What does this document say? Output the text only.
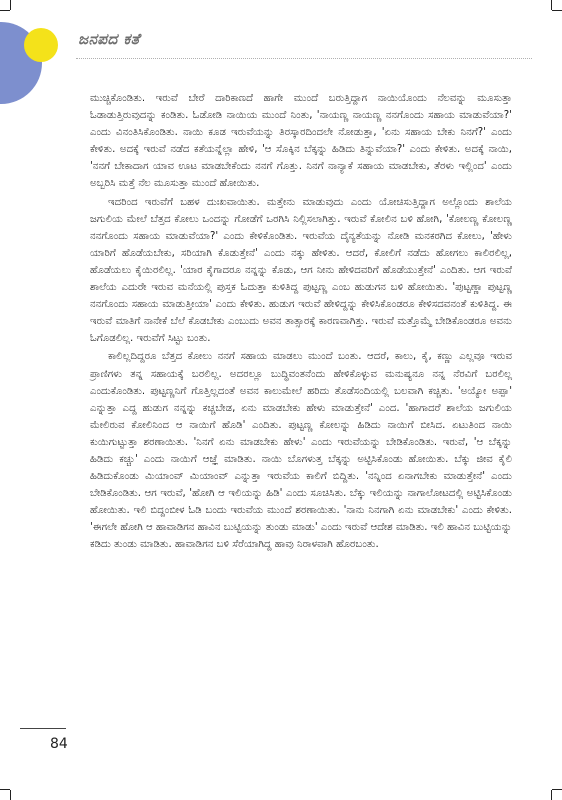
ಜನಪದ ಕತೆ

ಮುಚ್ಚಿಕೊಂಡಿತು. ಇರುವೆ ಬೇರೆ ದಾರಿಕಾಣದೆ ಹಾಗೇ ಮುಂದೆ ಬರುತ್ತಿದ್ದಾಗ ನಾಯಿಯೊಂದು ನೆಲವನ್ನು ಮೂಸುತ್ತಾ ಓಡಾಡುತ್ತಿರುವುದನ್ನು ಕಂಡಿತು. ಓಡೋಡಿ ನಾಯಿಯ ಮುಂದೆ ನಿಂತು, 'ನಾಯಣ್ಣ ನಾಯಣ್ಣ ನನಗೊಂದು ಸಹಾಯ ಮಾಡುವೆಯಾ?' ಎಂದು ವಿನಂತಿಸಿಕೊಂಡಿತು. ನಾಯಿ ಕೂಡ ಇರುವೆಯನ್ನು ತಿರಸ್ಕಾರದಿಂದಲೇ ನೋಡುತ್ತಾ, 'ಏನು ಸಹಾಯ ಬೇಕು ನಿನಗೆ?' ಎಂದು ಕೇಳಿತು. ಅದಕ್ಕೆ ಇರುವೆ ನಡೆದ ಕತೆಯನ್ನೆಲ್ಲಾ ಹೇಳಿ, 'ಆ ಸೊಕ್ಕಿನ ಬೆಕ್ಕನ್ನು ಹಿಡಿದು ತಿನ್ನುವೆಯಾ?' ಎಂದು ಕೇಳಿತು. ಅದಕ್ಕೆ ನಾಯಿ, 'ನನಗೆ ಬೇಕಾದಾಗ ಯಾವ ಊಟ ಮಾಡಬೇಕೆಂದು ನನಗೆ ಗೊತ್ತು. ನಿನಗೆ ನಾನ್ಯಾಕೆ ಸಹಾಯ ಮಾಡಬೇಕು, ತೆರಳು ಇಲ್ಲಿಂದ' ಎಂದು ಅಬ್ಬರಿಸಿ ಮತ್ತೆ ನೆಲ ಮೂಸುತ್ತಾ ಮುಂದೆ ಹೋಯಿತು.

ಇದರಿಂದ ಇರುವೆಗೆ ಬಹಳ ದುಃಖವಾಯಿತು. ಮತ್ತೇನು ಮಾಡುವುದು ಎಂದು ಯೋಚಿಸುತ್ತಿದ್ದಾಗ ಅಲ್ಲೊಂದು ಶಾಲೆಯ ಜಗುಲಿಯ ಮೇಲೆ ಬೆತ್ತದ ಕೋಲು ಒಂದನ್ನು ಗೋಡೆಗೆ ಒರಗಿಸಿ ನಿಲ್ಲಿಸಲಾಗಿತ್ತು. ಇರುವೆ ಕೋಲಿನ ಬಳಿ ಹೋಗಿ, 'ಕೋಲಣ್ಣ ಕೋಲಣ್ಣ ನನಗೊಂದು ಸಹಾಯ ಮಾಡುವೆಯಾ?' ಎಂದು ಕೇಳಿಕೊಂಡಿತು. ಇರುವೆಯ ದೈನ್ಯತೆಯನ್ನು ನೋಡಿ ಮನಕರಗಿದ ಕೋಲು, 'ಹೇಳು ಯಾರಿಗೆ ಹೊಡೆಯಬೇಕು, ಸರಿಯಾಗಿ ಕೊಡುತ್ತೇನೆ' ಎಂದು ನಕ್ಕು ಹೇಳಿತು. ಆದರೆ, ಕೋಲಿಗೆ ನಡೆದು ಹೋಗಲು ಕಾಲಿರಲಿಲ್ಲ, ಹೊಡೆಯಲು ಕೈಯಿರಲಿಲ್ಲ. 'ಯಾರ ಕೈಗಾದರೂ ನನ್ನನ್ನು ಕೊಡು, ಆಗ ನೀನು ಹೇಳಿದವರಿಗೆ ಹೊಡೆಯುತ್ತೇನೆ' ಎಂದಿತು. ಆಗ ಇರುವೆ ಶಾಲೆಯ ಎದುರೇ ಇರುವ ಮನೆಯಲ್ಲಿ ಪುಸ್ತಕ ಓದುತ್ತಾ ಕುಳಿತಿದ್ದ ಪುಟ್ಟಣ್ಣ ಎಂಬ ಹುಡುಗನ ಬಳಿ ಹೋಯಿತು. 'ಪುಟ್ಟಣ್ಣಾ ಪುಟ್ಟಣ್ಣ ನನಗೊಂದು ಸಹಾಯ ಮಾಡುತ್ತೀಯಾ' ಎಂದು ಕೇಳಿತು. ಹುಡುಗ ಇರುವೆ ಹೇಳಿದ್ದನ್ನು ಕೇಳಿಸಿಕೊಂಡರೂ ಕೇಳಿಸದವನಂತೆ ಕುಳಿತಿದ್ದ. ಈ ಇರುವೆ ಮಾತಿಗೆ ನಾನೇಕೆ ಬೆಲೆ ಕೊಡಬೇಕು ಎಂಬುದು ಅವನ ತಾತ್ಸಾರಕ್ಕೆ ಕಾರಣವಾಗಿತ್ತು. ಇರುವೆ ಮತ್ತೊಮ್ಮೆ ಬೇಡಿಕೊಂಡರೂ ಅವನು ಓಗೊಡಲಿಲ್ಲ. ಇರುವೆಗೆ ಸಿಟ್ಟು ಬಂತು.

ಕಾಲಿಲ್ಲದಿದ್ದರೂ ಬೆತ್ತದ ಕೋಲು ನನಗೆ ಸಹಾಯ ಮಾಡಲು ಮುಂದೆ ಬಂತು. ಆದರೆ, ಕಾಲು, ಕೈ, ಕಣ್ಣು ಎಲ್ಲವೂ ಇರುವ ಪ್ರಾಣಿಗಳು ತನ್ನ ಸಹಾಯಕ್ಕೆ ಬರಲಿಲ್ಲ. ಅದರಲ್ಲೂ ಬುದ್ಧಿವಂತನೆಂದು ಹೇಳಿಕೊಳ್ಳುವ ಮನುಷ್ಯನೂ ನನ್ನ ನೆರವಿಗೆ ಬರಲಿಲ್ಲ ಎಂದುಕೊಂಡಿತು. ಪುಟ್ಟಣ್ಣನಿಗೆ ಗೊತ್ತಿಲ್ಲದಂತೆ ಅವನ ಕಾಲುಮೇಲೆ ಹರಿದು ತೊಡೆಸಂದಿಯಲ್ಲಿ ಬಲವಾಗಿ ಕಚ್ಚಿತು. 'ಅಯ್ಯೋ ಅಪ್ಪಾ' ಎನ್ನುತ್ತಾ ಎದ್ದ ಹುಡುಗ ನನ್ನನ್ನು ಕಚ್ಚಬೇಡ, ಏನು ಮಾಡಬೇಕು ಹೇಳು ಮಾಡುತ್ತೇನೆ' ಎಂದ. 'ಹಾಗಾದರೆ ಶಾಲೆಯ ಜಗುಲಿಯ ಮೇಲಿರುವ ಕೋಲಿನಿಂದ ಆ ನಾಯಿಗೆ ಹೊಡಿ' ಎಂದಿತು. ಪುಟ್ಟಣ್ಣ ಕೋಲನ್ನು ಹಿಡಿದು ನಾಯಿಗೆ ಬೀಸಿದ. ಏಟುತಿಂದ ನಾಯಿ ಕುಯಿಗುಟ್ಟುತ್ತಾ ಶರಣಾಯಿತು. 'ನಿನಗೆ ಏನು ಮಾಡಬೇಕು ಹೇಳು' ಎಂದು ಇರುವೆಯನ್ನು ಬೇಡಿಕೊಂಡಿತು. ಇರುವೆ, 'ಆ ಬೆಕ್ಕನ್ನು ಹಿಡಿದು ಕಚ್ಚು' ಎಂದು ನಾಯಿಗೆ ಆಜ್ಞೆ ಮಾಡಿತು. ನಾಯಿ ಬೊಗಳುತ್ತ ಬೆಕ್ಕನ್ನು ಅಟ್ಟಿಸಿಕೊಂಡು ಹೋಯಿತು. ಬೆಕ್ಕು ಜೀವ ಕೈಲಿ ಹಿಡಿದುಕೊಂಡು ಮಿಯಾಂವ್ ಮಿಯಾಂವ್ ಎನ್ನುತ್ತಾ ಇರುವೆಯ ಕಾಲಿಗೆ ಬಿದ್ದಿತು. 'ನನ್ನಿಂದ ಏನಾಗಬೇಕು ಮಾಡುತ್ತೇನೆ' ಎಂದು ಬೇಡಿಕೊಂಡಿತು. ಆಗ ಇರುವೆ, 'ಹೋಗಿ ಆ ಇಲಿಯನ್ನು ಹಿಡಿ' ಎಂದು ಸೂಚಿಸಿತು. ಬೆಕ್ಕು ಇಲಿಯನ್ನು ನಾಗಾಲೋಟದಲ್ಲಿ ಅಟ್ಟಿಸಿಕೊಂಡು ಹೋಯಿತು. ಇಲಿ ಬಿದ್ದಂಬೀಳ ಓಡಿ ಬಂದು ಇರುವೆಯ ಮುಂದೆ ಶರಣಾಯಿತು. 'ನಾನು ನಿನಗಾಗಿ ಏನು ಮಾಡಬೇಕು' ಎಂದು ಕೇಳಿತು. 'ಈಗಲೇ ಹೋಗಿ ಆ ಹಾವಾಡಿಗನ ಹಾವಿನ ಬುಟ್ಟಿಯನ್ನು ತುಂಡು ಮಾಡು' ಎಂದು ಇರುವೆ ಆದೇಶ ಮಾಡಿತು. ಇಲಿ ಹಾವಿನ ಬುಟ್ಟಿಯನ್ನು ಕಡಿದು ತುಂಡು ಮಾಡಿತು. ಹಾವಾಡಿಗನ ಬಳಿ ಸೆರೆಯಾಗಿದ್ದ ಹಾವು ನಿರಾಳವಾಗಿ ಹೊರಬಂತು.

84
